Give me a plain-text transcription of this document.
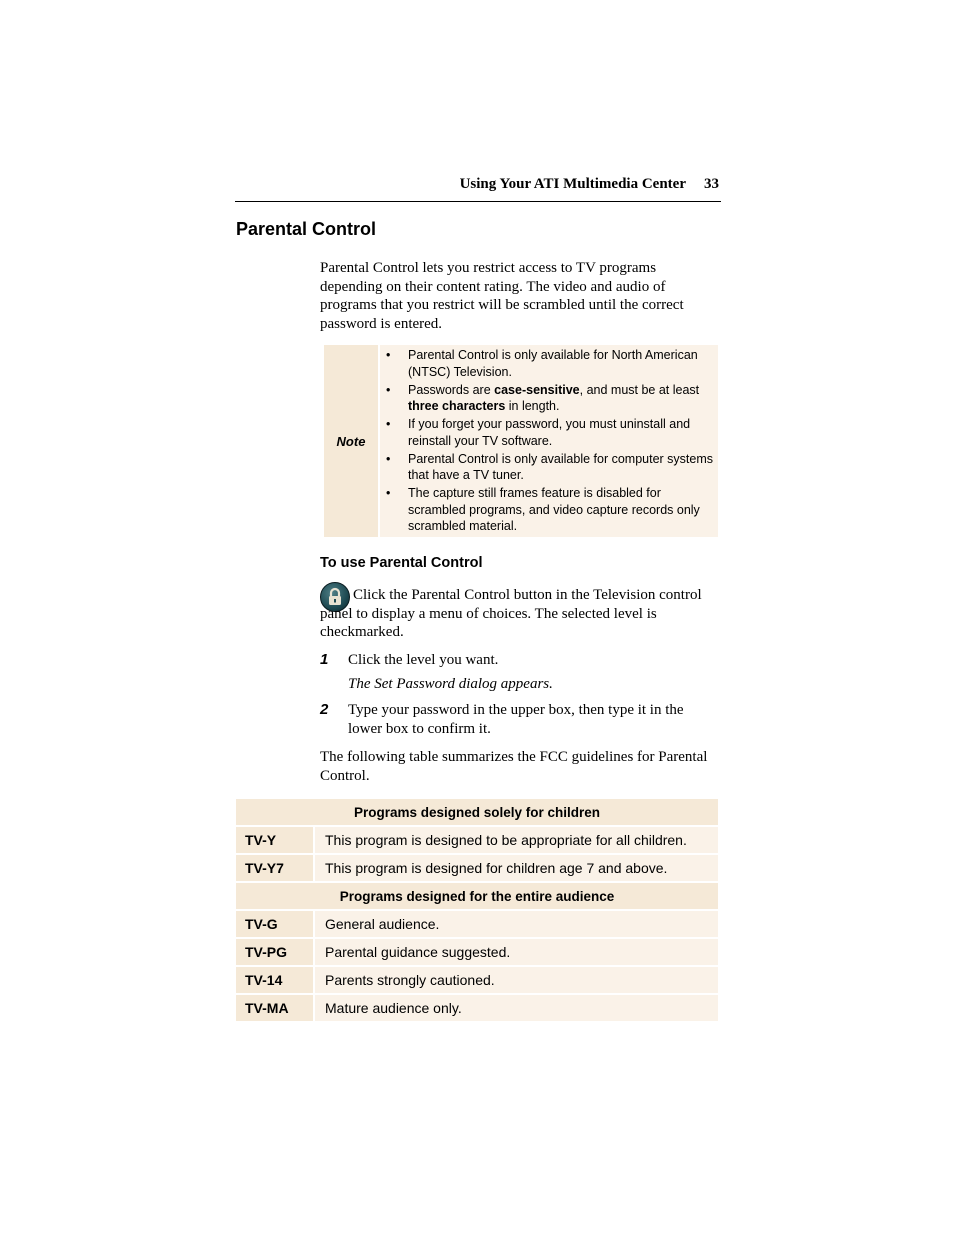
Using Your ATI Multimedia Center 33
Parental Control

Parental Control lets you restrict access to TV programs depending on their content rating. The video and audio of programs that you restrict will be scrambled until the correct password is entered.

Note
•	Parental Control is only available for North American (NTSC) Television.
•	Passwords are case-sensitive, and must be at least three characters in length.
•	If you forget your password, you must uninstall and reinstall your TV software.
•	Parental Control is only available for computer systems that have a TV tuner.
•	The capture still frames feature is disabled for scrambled programs, and video capture records only scrambled material.
To use Parental Control

Click the Parental Control button in the Television control panel to display a menu of choices. The selected level is checkmarked.

1 Click the level you want.

The Set Password dialog appears.
2 Type your password in the upper box, then type it in the lower box to confirm it.

The following table summarizes the FCC guidelines for Parental Control.

Programs designed solely for children	
TV-Y	This program is designed to be appropriate for all children.
TV-Y7	This program is designed for children age 7 and above.
Programs designed for the entire audience	
TV-G	General audience.
TV-PG	Parental guidance suggested.
TV-14	Parents strongly cautioned.
TV-MA	Mature audience only.
